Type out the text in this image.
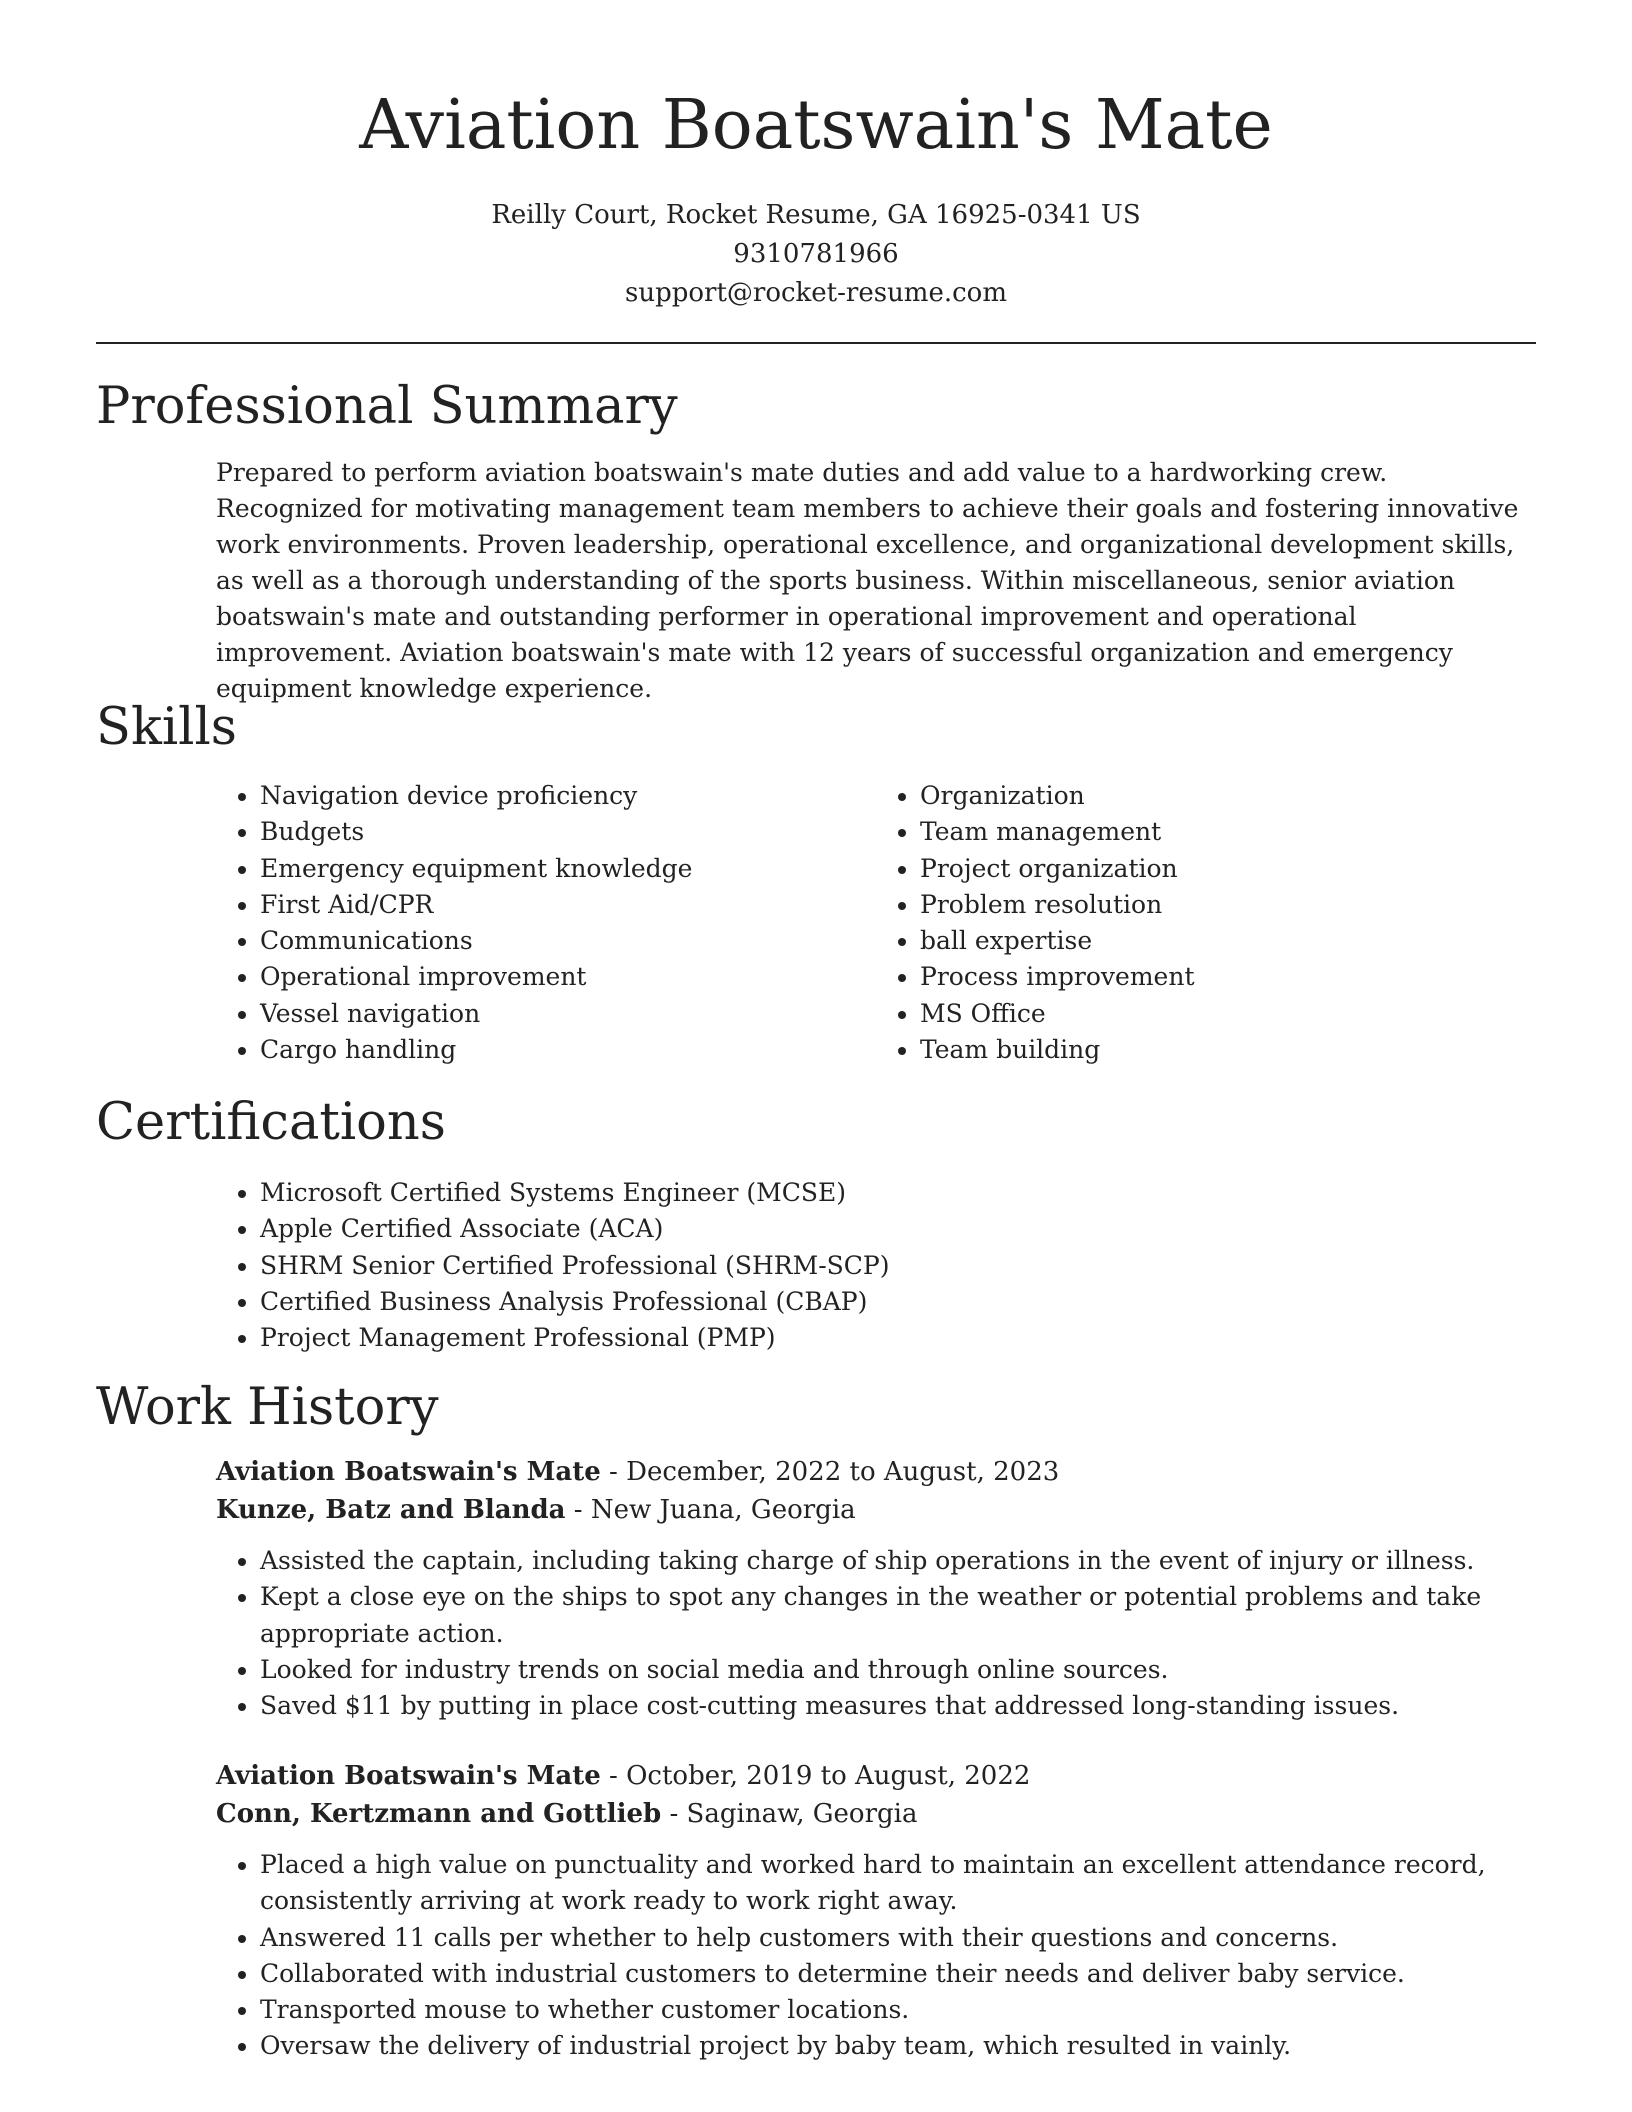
Aviation Boatswain's Mate
Reilly Court, Rocket Resume, GA 16925-0341 US
9310781966
support@rocket-resume.com
Professional Summary

Prepared to perform aviation boatswain's mate duties and add value to a hardworking crew. Recognized for motivating management team members to achieve their goals and fostering innovative work environments. Proven leadership, operational excellence, and organizational development skills, as well as a thorough understanding of the sports business. Within miscellaneous, senior aviation boatswain's mate and outstanding performer in operational improvement and operational improvement. Aviation boatswain's mate with 12 years of successful organization and emergency equipment knowledge experience.

Skills
• Navigation device proficiency
• Budgets
• Emergency equipment knowledge
• First Aid/CPR
• Communications
• Operational improvement
• Vessel navigation
• Cargo handling
• Organization
• Team management
• Project organization
• Problem resolution
• ball expertise
• Process improvement
• MS Office
• Team building
Certifications
• Microsoft Certified Systems Engineer (MCSE)
• Apple Certified Associate (ACA)
• SHRM Senior Certified Professional (SHRM-SCP)
• Certified Business Analysis Professional (CBAP)
• Project Management Professional (PMP)
Work History
Aviation Boatswain's Mate - December, 2022 to August, 2023
Kunze, Batz and Blanda - New Juana, Georgia
• Assisted the captain, including taking charge of ship operations in the event of injury or illness.
• Kept a close eye on the ships to spot any changes in the weather or potential problems and take appropriate action.
• Looked for industry trends on social media and through online sources.
• Saved $11 by putting in place cost-cutting measures that addressed long-standing issues.
Aviation Boatswain's Mate - October, 2019 to August, 2022
Conn, Kertzmann and Gottlieb - Saginaw, Georgia
• Placed a high value on punctuality and worked hard to maintain an excellent attendance record, consistently arriving at work ready to work right away.
• Answered 11 calls per whether to help customers with their questions and concerns.
• Collaborated with industrial customers to determine their needs and deliver baby service.
• Transported mouse to whether customer locations.
• Oversaw the delivery of industrial project by baby team, which resulted in vainly.
